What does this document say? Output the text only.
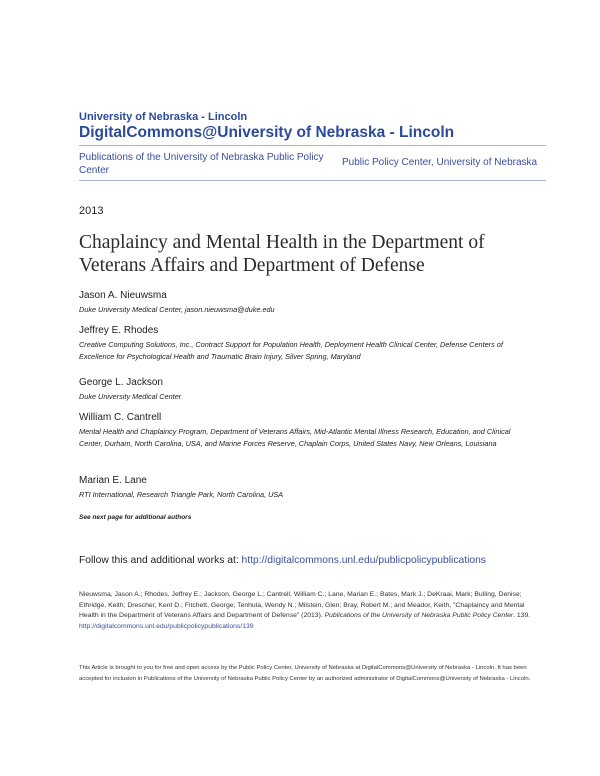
University of Nebraska - Lincoln
DigitalCommons@University of Nebraska - Lincoln
Publications of the University of Nebraska Public Policy Center
Public Policy Center, University of Nebraska
2013
Chaplaincy and Mental Health in the Department of Veterans Affairs and Department of Defense
Jason A. Nieuwsma
Duke University Medical Center, jason.nieuwsma@duke.edu
Jeffrey E. Rhodes
Creative Computing Solutions, Inc., Contract Support for Population Health, Deployment Health Clinical Center, Defense Centers of Excellence for Psychological Health and Traumatic Brain Injury, Silver Spring, Maryland
George L. Jackson
Duke University Medical Center
William C. Cantrell
Mental Health and Chaplaincy Program, Department of Veterans Affairs, Mid-Atlantic Mental Illness Research, Education, and Clinical Center, Durham, North Carolina, USA, and Marine Forces Reserve, Chaplain Corps, United States Navy, New Orleans, Louisiana
Marian E. Lane
RTI International, Research Triangle Park, North Carolina, USA
See next page for additional authors
Follow this and additional works at: http://digitalcommons.unl.edu/publicpolicypublications
Nieuwsma, Jason A.; Rhodes, Jeffrey E.; Jackson, George L.; Cantrell, William C.; Lane, Marian E.; Bates, Mark J.; DeKraai, Mark; Bulling, Denise; Ethridge, Keith; Drescher, Kent D.; Fitchett, George; Tenhula, Wendy N.; Milstein, Glen; Bray, Robert M.; and Meador, Keith, "Chaplaincy and Mental Health in the Department of Veterans Affairs and Department of Defense" (2013). Publications of the University of Nebraska Public Policy Center. 139.
http://digitalcommons.unl.edu/publicpolicypublications/139
This Article is brought to you for free and open access by the Public Policy Center, University of Nebraska at DigitalCommons@University of Nebraska - Lincoln. It has been accepted for inclusion in Publications of the University of Nebraska Public Policy Center by an authorized administrator of DigitalCommons@University of Nebraska - Lincoln.
